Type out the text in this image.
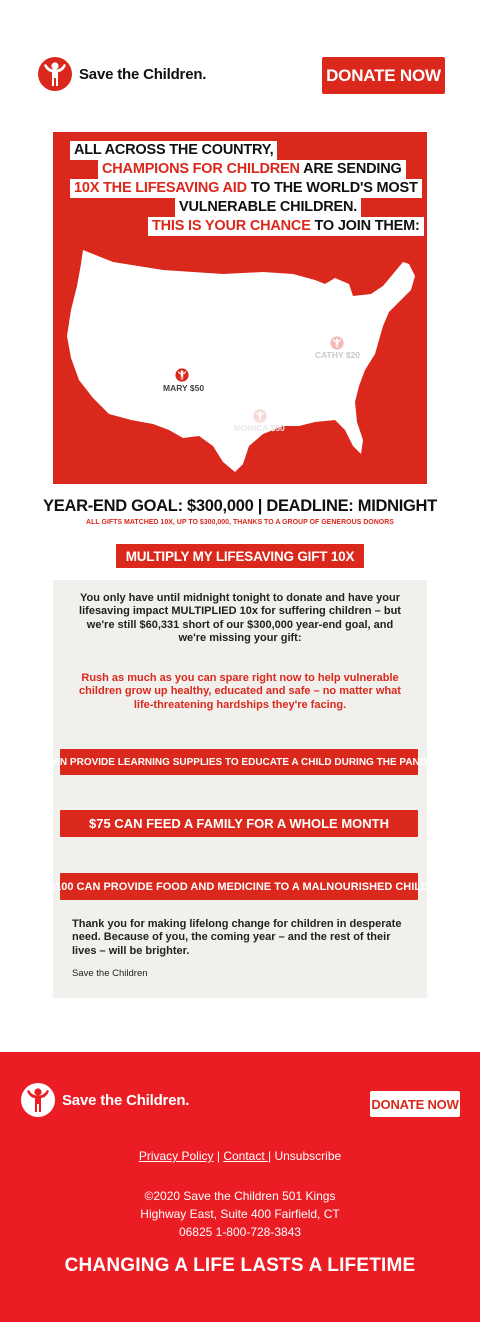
Save the Children.	DONATE NOW
ALL ACROSS THE COUNTRY,
CHAMPIONS FOR CHILDREN ARE SENDING
10X THE LIFESAVING AID TO THE WORLD'S MOST
VULNERABLE CHILDREN.
THIS IS YOUR CHANCE TO JOIN THEM:
MARY $50
CATHY $20
MONICA $50
YEAR-END GOAL: $300,000 | DEADLINE: MIDNIGHT
ALL GIFTS MATCHED 10X, UP TO $300,000, THANKS TO A GROUP OF GENEROUS DONORS
MULTIPLY MY LIFESAVING GIFT 10X
You only have until midnight tonight to donate and have your lifesaving impact MULTIPLIED 10x for suffering children – but we're still $60,331 short of our $300,000 year-end goal, and we're missing your gift:
Rush as much as you can spare right now to help vulnerable children grow up healthy, educated and safe – no matter what life-threatening hardships they're facing.
$40 CAN PROVIDE LEARNING SUPPLIES TO EDUCATE A CHILD DURING THE PANDEMIC
$75 CAN FEED A FAMILY FOR A WHOLE MONTH
$100 CAN PROVIDE FOOD AND MEDICINE TO A MALNOURISHED CHILD
Thank you for making lifelong change for children in desperate need. Because of you, the coming year – and the rest of their lives – will be brighter.
Save the Children
Save the Children.	DONATE NOW
Privacy Policy | Contact | Unsubscribe
©2020 Save the Children 501 Kings
Highway East, Suite 400 Fairfield, CT
06825 1-800-728-3843
CHANGING A LIFE LASTS A LIFETIME
